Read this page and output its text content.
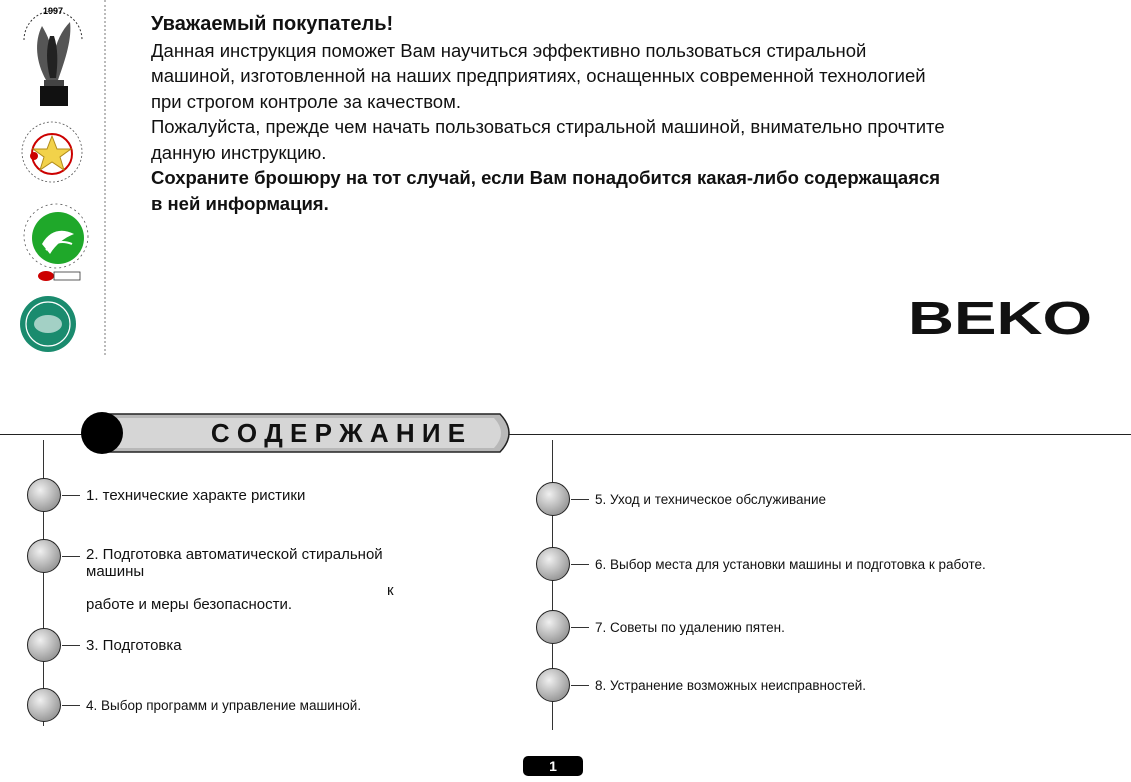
1997

Уважаемый покупатель!

Данная инструкция поможет Вам научиться эффективно пользоваться стиральной

машиной, изготовленной на наших предприятиях, оснащенных современной технологией

при строгом контроле за качеством.

Пожалуйста, прежде чем начать пользоваться стиральной машиной, внимательно прочтите

данную инструкцию.

Сохраните брошюру на тот случай, если Вам понадобится какая-либо содержащаяся

в ней информация.

BEKO
С О Д Е Р Ж А Н И Е
1. технические характе ристики
2. Подготовка автоматической стиральной
машины
к
работе и меры безопасности.
3. Подготовка
4. Выбор программ и управление машиной.
5. Уход и техническое обслуживание
6. Выбор места для установки машины и подготовка к работе.
7. Советы по удалению пятен.
8. Устранение возможных неисправностей.
1
